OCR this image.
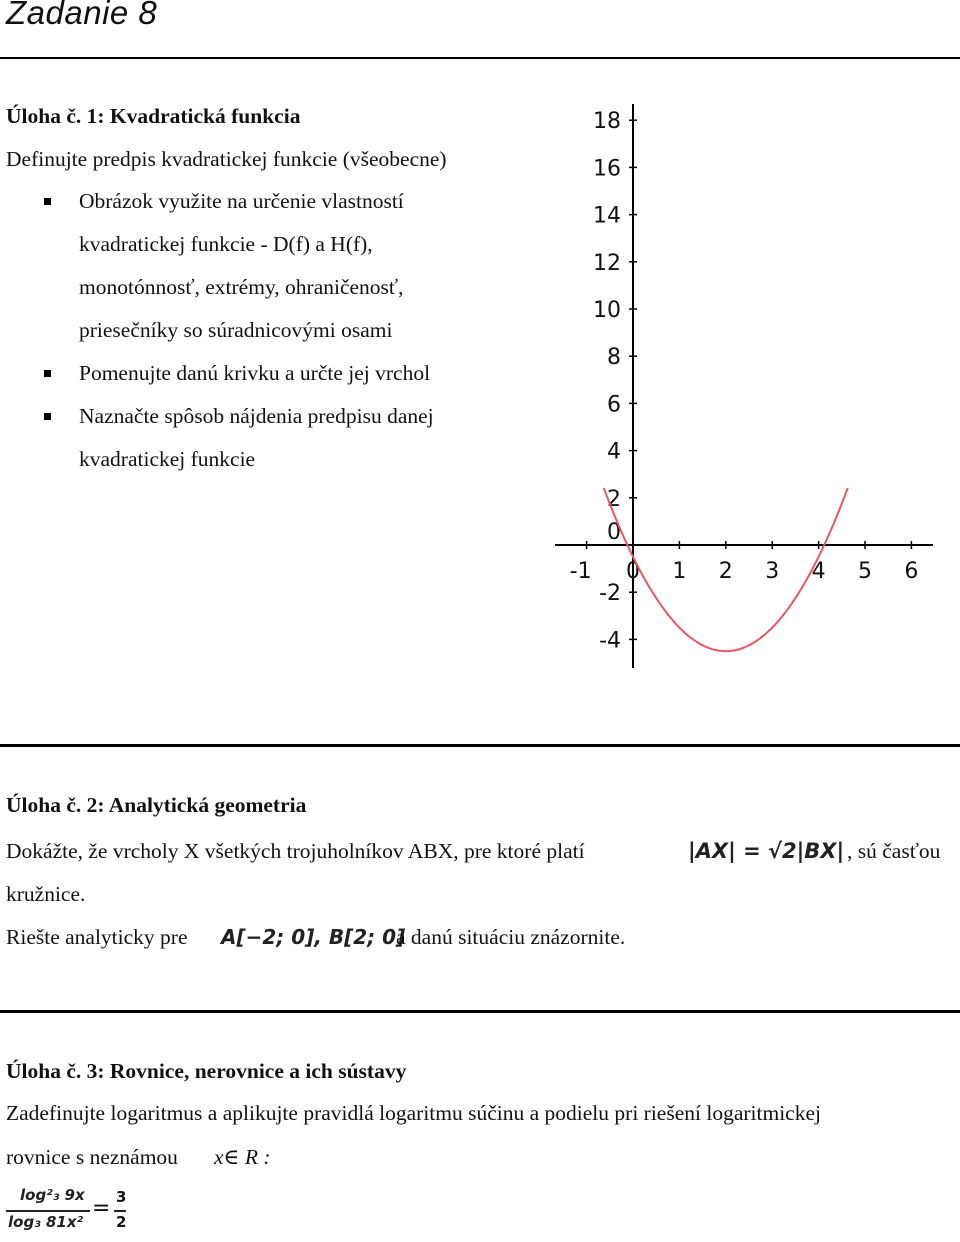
Zadanie 8
Úloha č. 1: Kvadratická funkcia
Definujte predpis kvadratickej funkcie (všeobecne)
Obrázok využite na určenie vlastností
kvadratickej funkcie - D(f) a H(f),
monotónnosť, extrémy, ohraničenosť,
priesečníky so súradnicovými osami
Pomenujte danú krivku a určte jej vrchol
Naznačte spôsob nájdenia predpisu danej
kvadratickej funkcie
-1 0 1 2 3 4 5 6
18
16
14
12
10
8
6
4
2
0
-2
-4
Úloha č. 2: Analytická geometria
Dokážte, že vrcholy X všetkých trojuholníkov ABX, pre ktoré platí	|AX| = √2|BX| , sú časťou
kružnice.
Riešte analyticky pre A[−2; 0], B[2; 0]
a danú situáciu znázornite.
Úloha č. 3: Rovnice, nerovnice a ich sústavy
Zadefinujte logaritmus a aplikujte pravidlá logaritmu súčinu a podielu pri riešení logaritmickej
rovnice s neznámou x∈ R :
log²₃ 9x
log₃ 81x²
= 3
2
